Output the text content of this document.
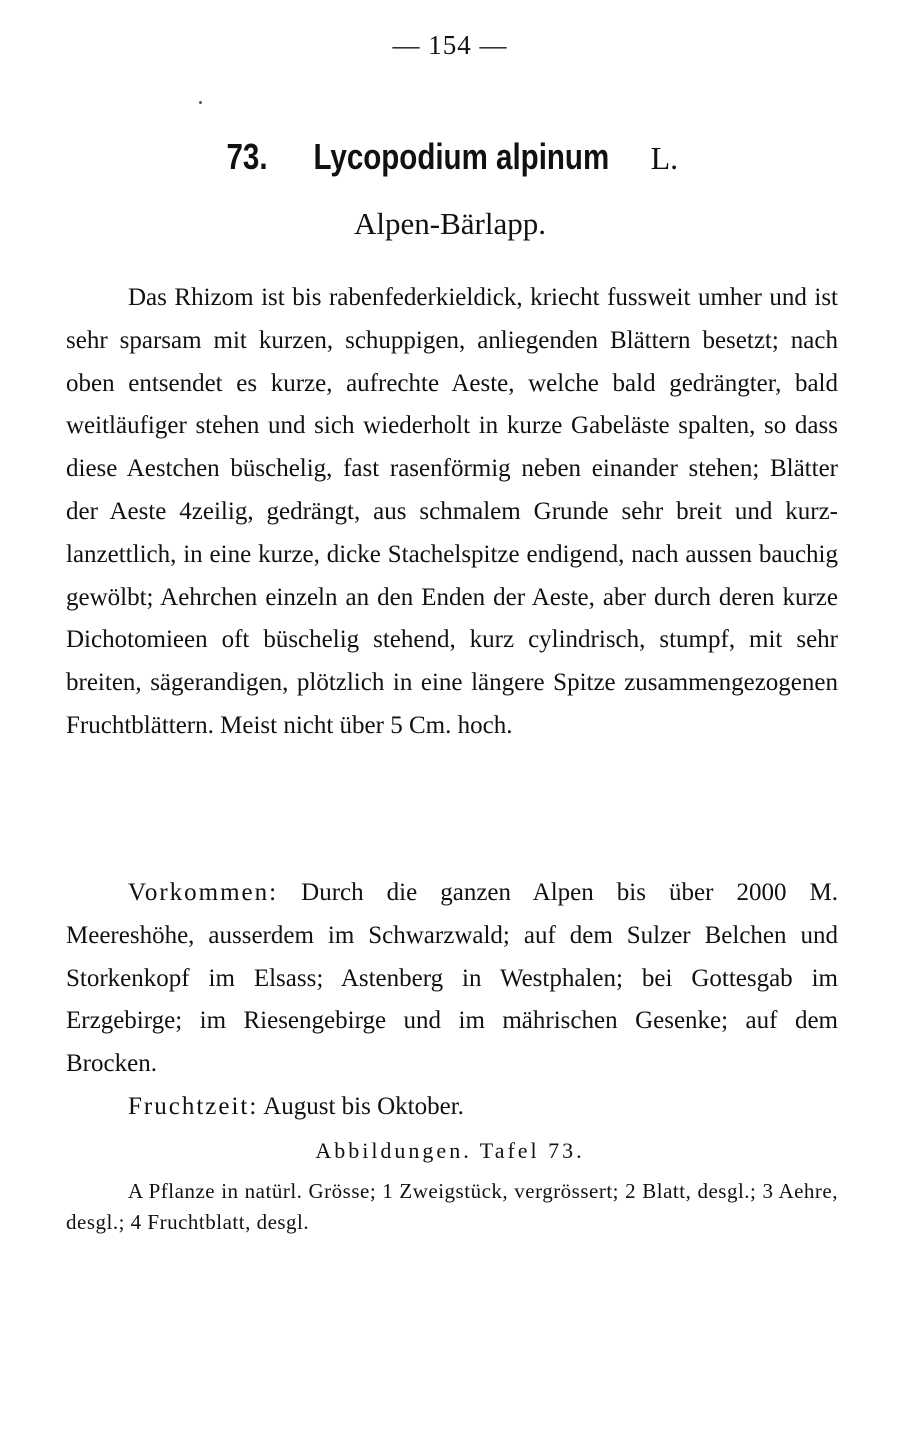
— 154 —
73. Lycopodium alpinum L.
Alpen-Bärlapp.
Das Rhizom ist bis rabenfederkieldick, kriecht fussweit umher und ist sehr sparsam mit kurzen, schuppigen, anliegenden Blättern besetzt; nach oben entsendet es kurze, aufrechte Aeste, welche bald gedrängter, bald weitläufiger stehen und sich wiederholt in kurze Gabeläste spalten, so dass diese Aestchen büschelig, fast rasenförmig neben einander stehen; Blätter der Aeste 4zeilig, gedrängt, aus schmalem Grunde sehr breit und kurz-lanzettlich, in eine kurze, dicke Stachelspitze endigend, nach aussen bauchig gewölbt; Aehrchen einzeln an den Enden der Aeste, aber durch deren kurze Dichotomieen oft büschelig stehend, kurz cylindrisch, stumpf, mit sehr breiten, sägerandigen, plötzlich in eine längere Spitze zusammengezogenen Fruchtblättern. Meist nicht über 5 Cm. hoch.
Vorkommen: Durch die ganzen Alpen bis über 2000 M. Meereshöhe, ausserdem im Schwarzwald; auf dem Sulzer Belchen und Storkenkopf im Elsass; Astenberg in Westphalen; bei Gottesgab im Erzgebirge; im Riesengebirge und im mährischen Gesenke; auf dem Brocken.
Fruchtzeit: August bis Oktober.
Abbildungen. Tafel 73.
A Pflanze in natürl. Grösse; 1 Zweigstück, vergrössert; 2 Blatt, desgl.; 3 Aehre, desgl.; 4 Fruchtblatt, desgl.
